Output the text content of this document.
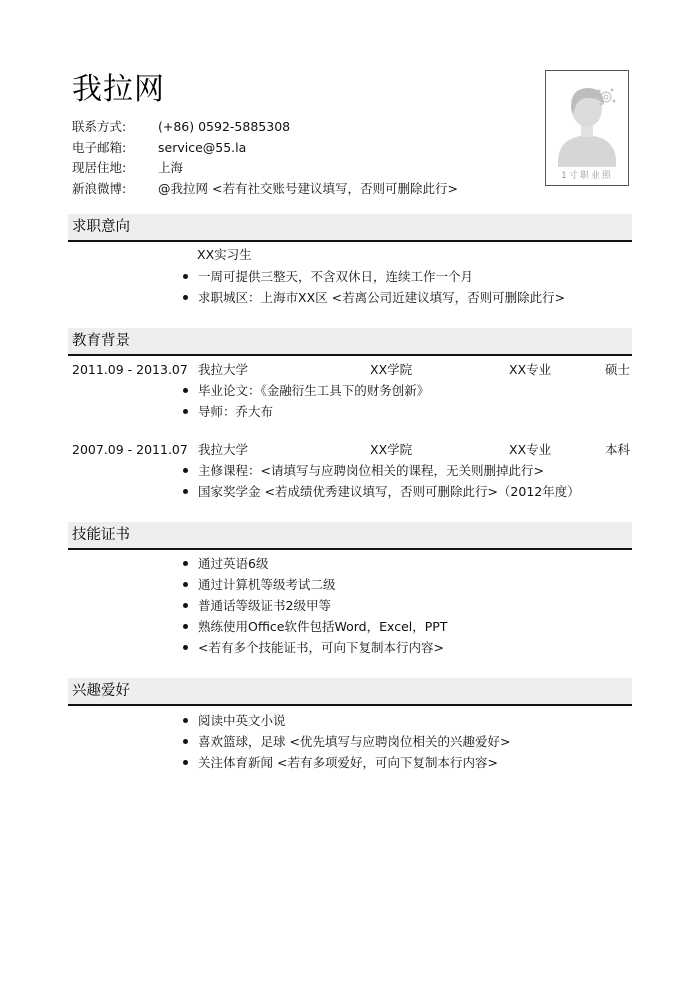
我拉网
联系方式:	(+86) 0592-5885308
电子邮箱:	service@55.la
现居住地:	上海
新浪微博:	@我拉网 <若有社交账号建议填写，否则可删除此行>
1寸职业照
求职意向
XX实习生
一周可提供三整天，不含双休日，连续工作一个月
求职城区：上海市XX区 <若离公司近建议填写，否则可删除此行>
教育背景
2011.09 - 2013.07 我拉大学	XX学院	XX专业	硕士
毕业论文：《金融衍生工具下的财务创新》
导师：乔大布
2007.09 - 2011.07 我拉大学	XX学院	XX专业	本科
主修课程：<请填写与应聘岗位相关的课程，无关则删掉此行>
国家奖学金 <若成绩优秀建议填写，否则可删除此行>（2012年度）
技能证书
通过英语6级
通过计算机等级考试二级
普通话等级证书2级甲等
熟练使用Office软件包括Word，Excel，PPT
<若有多个技能证书，可向下复制本行内容>
兴趣爱好
阅读中英文小说
喜欢篮球，足球 <优先填写与应聘岗位相关的兴趣爱好>
关注体育新闻 <若有多项爱好，可向下复制本行内容>
